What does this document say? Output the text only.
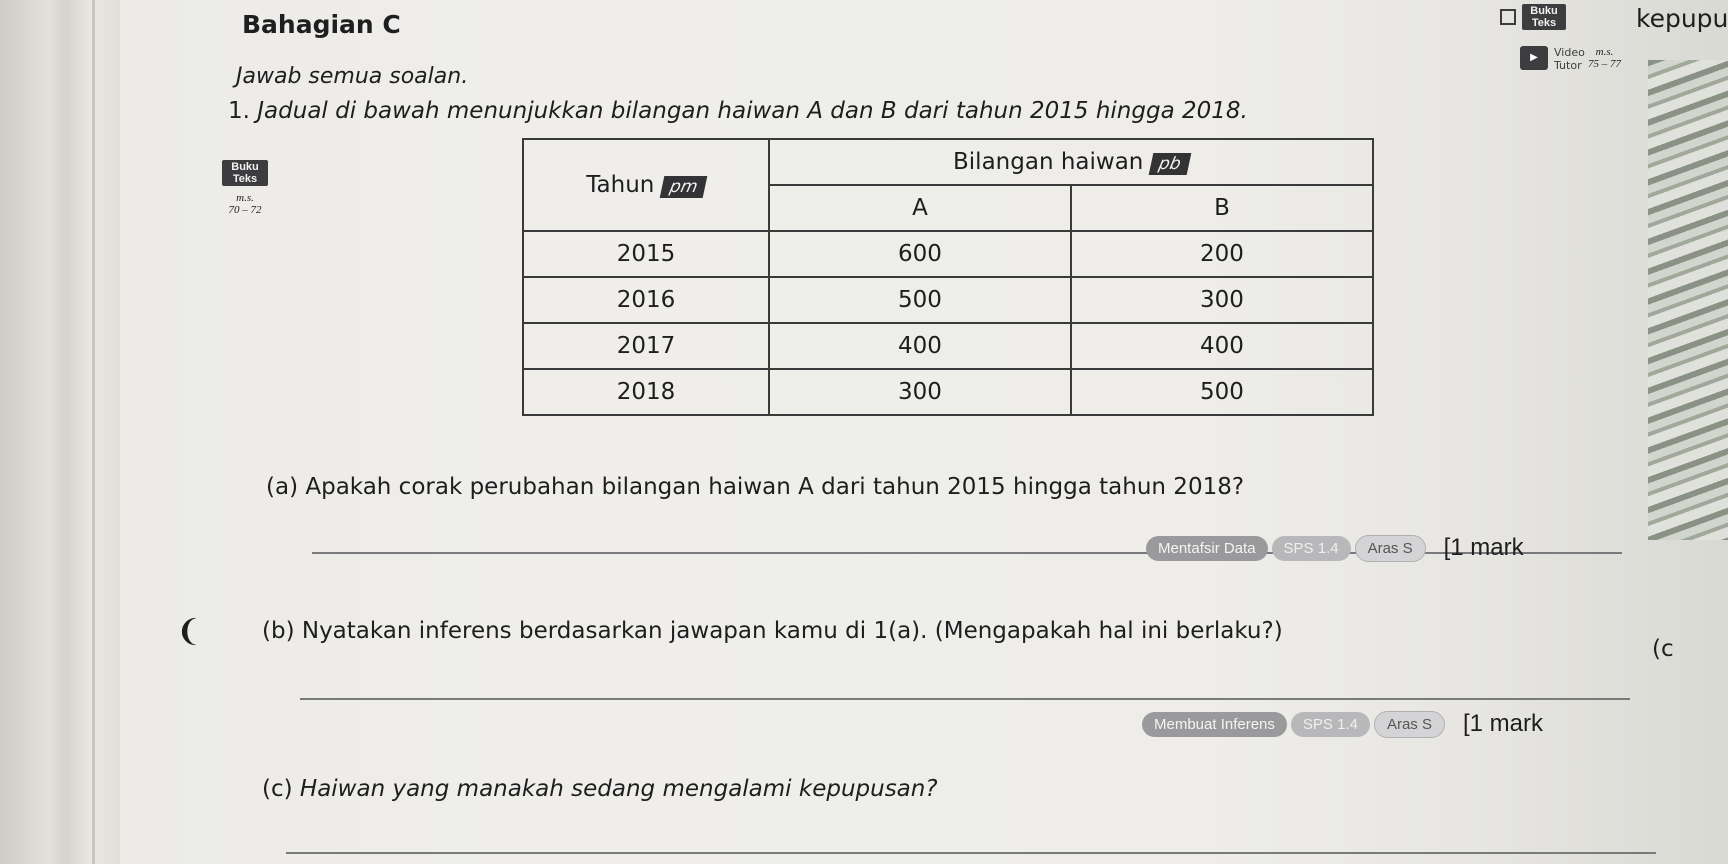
Bahagian C
Jawab semua soalan.
Buku Teks	kepupu
▶	Video Tutor
m.s.
75 – 77
1. Jadual di bawah menunjukkan bilangan haiwan A dan B dari tahun 2015 hingga 2018.
Buku Teks
m.s.
70 – 72
Tahun pm	Bilangan haiwan pb	
	A	B
2015	600	200
2016	500	300
2017	400	400
2018	300	500
(a) Apakah corak perubahan bilangan haiwan A dari tahun 2015 hingga tahun 2018?
Mentafsir Data	SPS 1.4	Aras S	[1 mark
(b) Nyatakan inferens berdasarkan jawapan kamu di 1(a). (Mengapakah hal ini berlaku?)
(c
Membuat Inferens	SPS 1.4	Aras S	[1 mark
(c) Haiwan yang manakah sedang mengalami kepupusan?
❨
